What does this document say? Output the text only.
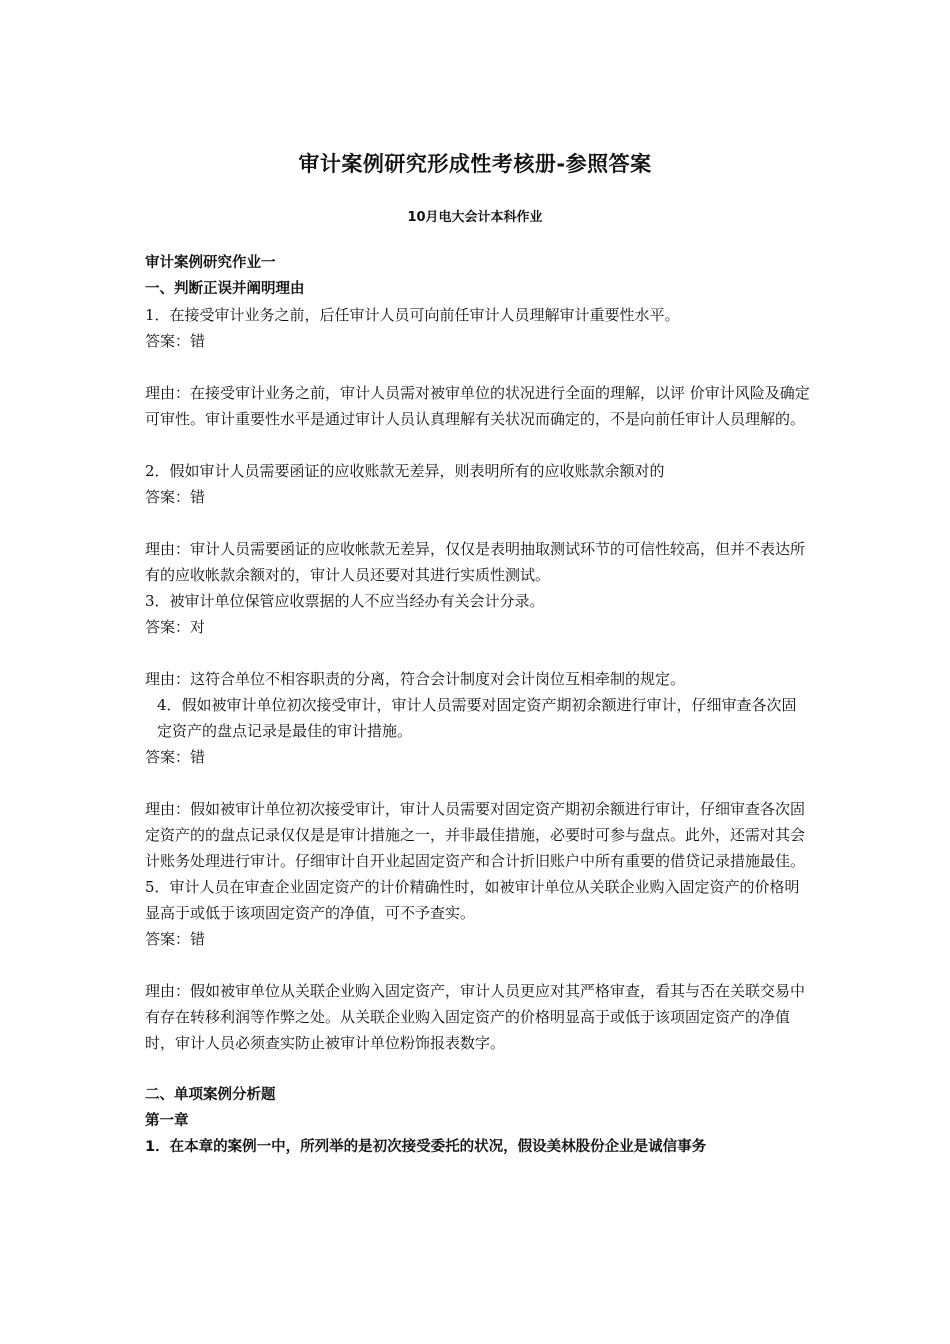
审计案例研究形成性考核册-参照答案
10月电大会计本科作业

审计案例研究作业一

一、判断正误并阐明理由

1．在接受审计业务之前，后任审计人员可向前任审计人员理解审计重要性水平。

答案：错

理由：在接受审计业务之前，审计人员需对被审单位的状况进行全面的理解，以评 价审计风险及确定可审性。审计重要性水平是通过审计人员认真理解有关状况而确定的，不是向前任审计人员理解的。

2．假如审计人员需要函证的应收账款无差异，则表明所有的应收账款余额对的

答案：错

理由：审计人员需要函证的应收帐款无差异，仅仅是表明抽取测试环节的可信性较高，但并不表达所有的应收帐款余额对的，审计人员还要对其进行实质性测试。

3．被审计单位保管应收票据的人不应当经办有关会计分录。

答案：对

理由：这符合单位不相容职责的分离，符合会计制度对会计岗位互相牵制的规定。

4．假如被审计单位初次接受审计，审计人员需要对固定资产期初余额进行审计，仔细审查各次固定资产的盘点记录是最佳的审计措施。

答案：错

理由：假如被审计单位初次接受审计，审计人员需要对固定资产期初余额进行审计，仔细审查各次固定资产的的盘点记录仅仅是是审计措施之一，并非最佳措施，必要时可参与盘点。此外，还需对其会计账务处理进行审计。仔细审计自开业起固定资产和合计折旧账户中所有重要的借贷记录措施最佳。

5．审计人员在审查企业固定资产的计价精确性时，如被审计单位从关联企业购入固定资产的价格明显高于或低于该项固定资产的净值，可不予查实。

答案：错

理由：假如被审单位从关联企业购入固定资产，审计人员更应对其严格审查，看其与否在关联交易中有存在转移利润等作弊之处。从关联企业购入固定资产的价格明显高于或低于该项固定资产的净值时，审计人员必须查实防止被审计单位粉饰报表数字。

二、单项案例分析题

第一章

1．在本章的案例一中，所列举的是初次接受委托的状况，假设美林股份企业是诚信事务
